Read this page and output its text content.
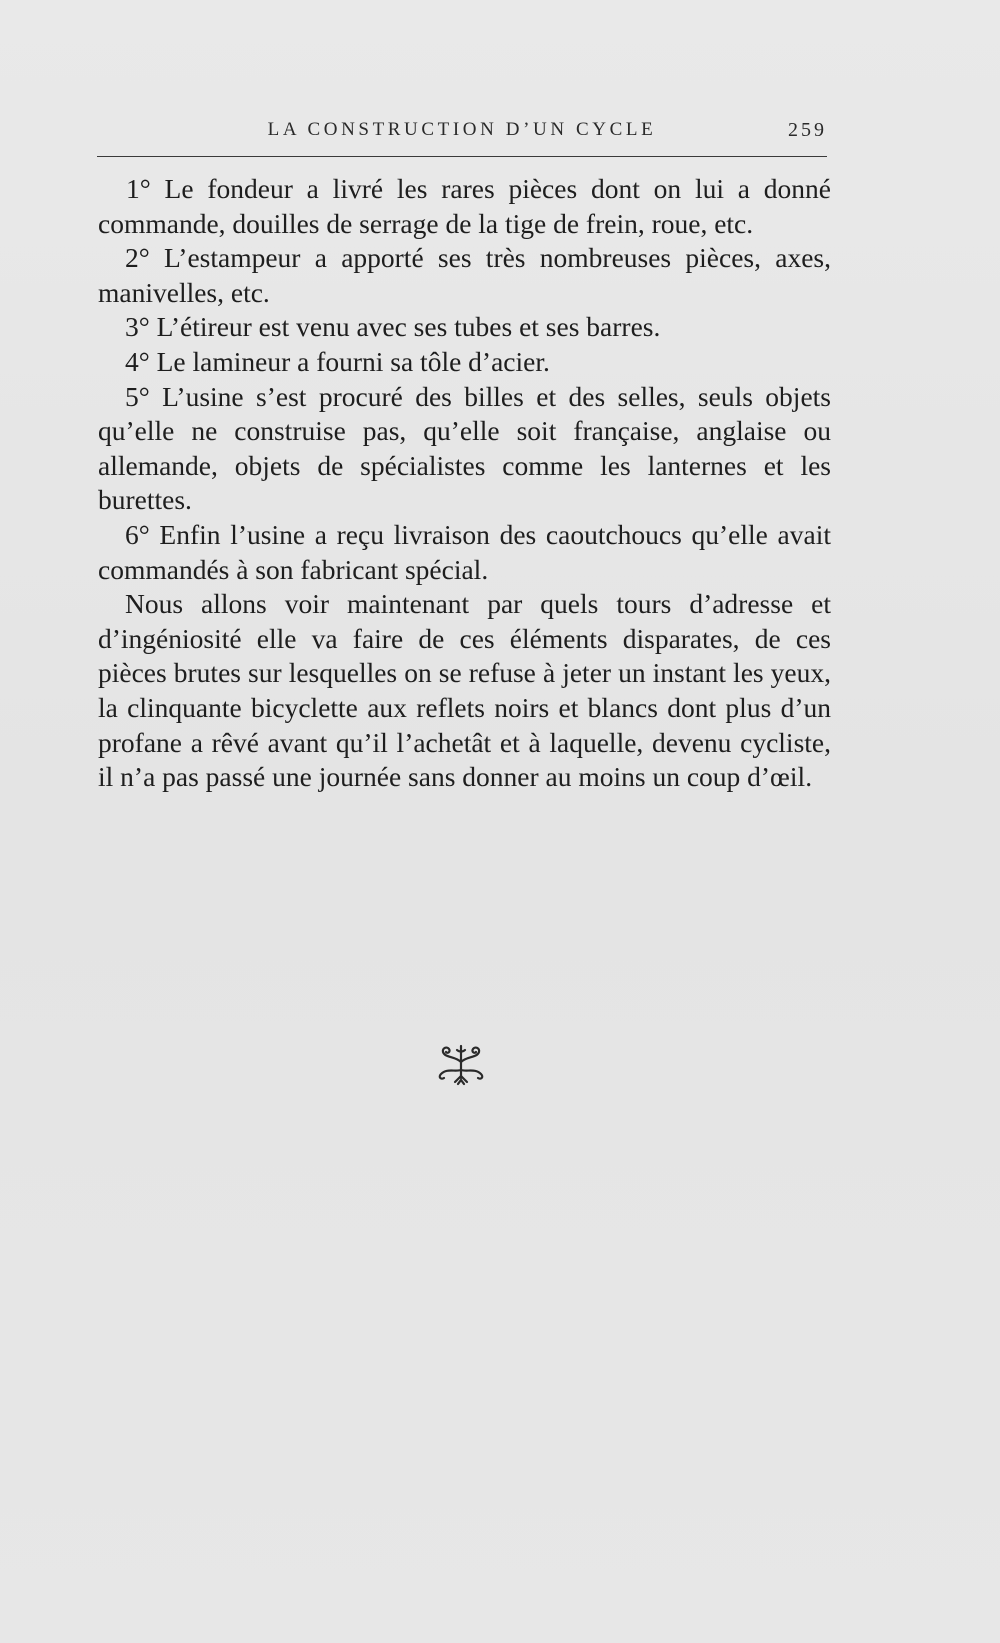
LA CONSTRUCTION D’UN CYCLE	259

1° Le fondeur a livré les rares pièces dont on lui a donné commande, douilles de serrage de la tige de frein, roue, etc.

2° L’estampeur a apporté ses très nombreuses pièces, axes, manivelles, etc.

3° L’étireur est venu avec ses tubes et ses barres.

4° Le lamineur a fourni sa tôle d’acier.

5° L’usine s’est procuré des billes et des selles, seuls objets qu’elle ne construise pas, qu’elle soit française, anglaise ou allemande, objets de spécialistes comme les lanternes et les burettes.

6° Enfin l’usine a reçu livraison des caoutchoucs qu’elle avait commandés à son fabricant spécial.

Nous allons voir maintenant par quels tours d’adresse et d’ingéniosité elle va faire de ces éléments disparates, de ces pièces brutes sur lesquelles on se refuse à jeter un instant les yeux, la clinquante bicyclette aux reflets noirs et blancs dont plus d’un profane a rêvé avant qu’il l’achetât et à laquelle, devenu cycliste, il n’a pas passé une journée sans donner au moins un coup d’œil.
